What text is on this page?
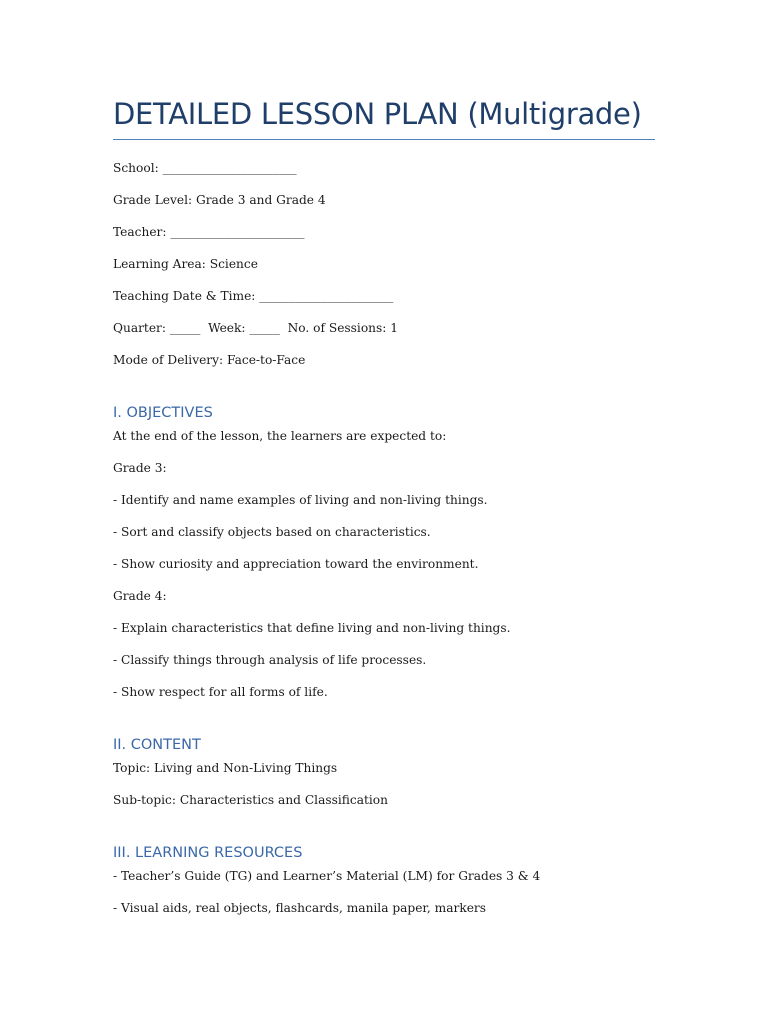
DETAILED LESSON PLAN (Multigrade)
School: ______________________
Grade Level: Grade 3 and Grade 4
Teacher: ______________________
Learning Area: Science
Teaching Date & Time: ______________________
Quarter: _____  Week: _____  No. of Sessions: 1
Mode of Delivery: Face-to-Face
I. OBJECTIVES
At the end of the lesson, the learners are expected to:
Grade 3:
- Identify and name examples of living and non-living things.
- Sort and classify objects based on characteristics.
- Show curiosity and appreciation toward the environment.
Grade 4:
- Explain characteristics that define living and non-living things.
- Classify things through analysis of life processes.
- Show respect for all forms of life.
II. CONTENT
Topic: Living and Non-Living Things
Sub-topic: Characteristics and Classification
III. LEARNING RESOURCES
- Teacher’s Guide (TG) and Learner’s Material (LM) for Grades 3 & 4
- Visual aids, real objects, flashcards, manila paper, markers
